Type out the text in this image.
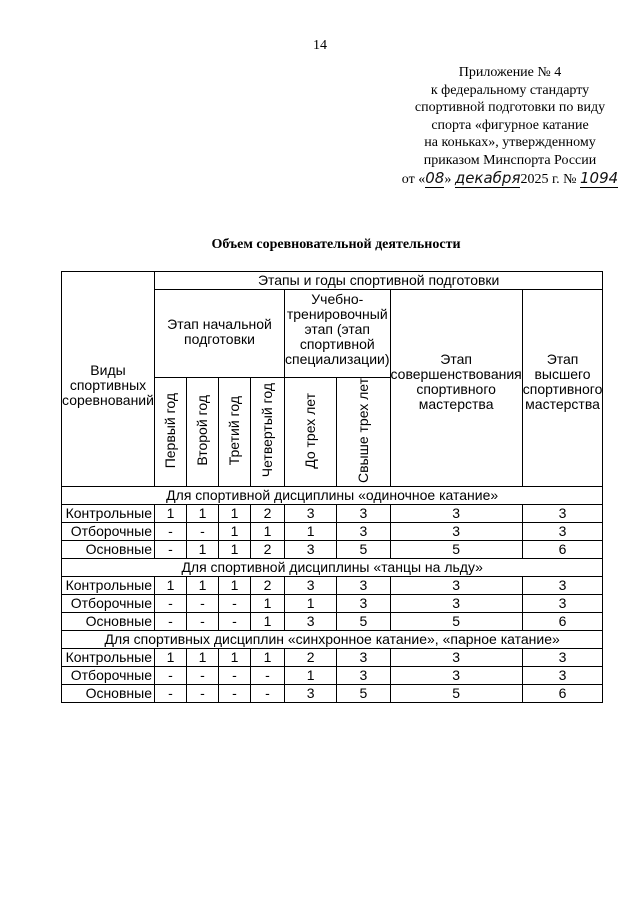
14
Приложение № 4
к федеральному стандарту
спортивной подготовки по виду
спорта «фигурное катание
на коньках», утвержденному
приказом Минспорта России
от «08» декабря2025 г. № 1094
Объем соревновательной деятельности
Виды спортивных соревнований	Этапы и годы спортивной подготовки							
	Этап начальной подготовки				Учебно-тренировочный этап (этап спортивной специализации)		Этап совершенствования спортивного мастерства	Этап высшего спортивного мастерства
	Первый год	Второй год	Третий год	Четвертый год	До трех лет	Свыше трех лет		
Для спортивной дисциплины «одиночное катание»								
Контрольные	1	1	1	2	3	3	3	3
Отборочные	-	-	1	1	1	3	3	3
Основные	-	1	1	2	3	5	5	6
Для спортивной дисциплины «танцы на льду»								
Контрольные	1	1	1	2	3	3	3	3
Отборочные	-	-	-	1	1	3	3	3
Основные	-	-	-	1	3	5	5	6
Для спортивных дисциплин «синхронное катание», «парное катание»								
Контрольные	1	1	1	1	2	3	3	3
Отборочные	-	-	-	-	1	3	3	3
Основные	-	-	-	-	3	5	5	6
